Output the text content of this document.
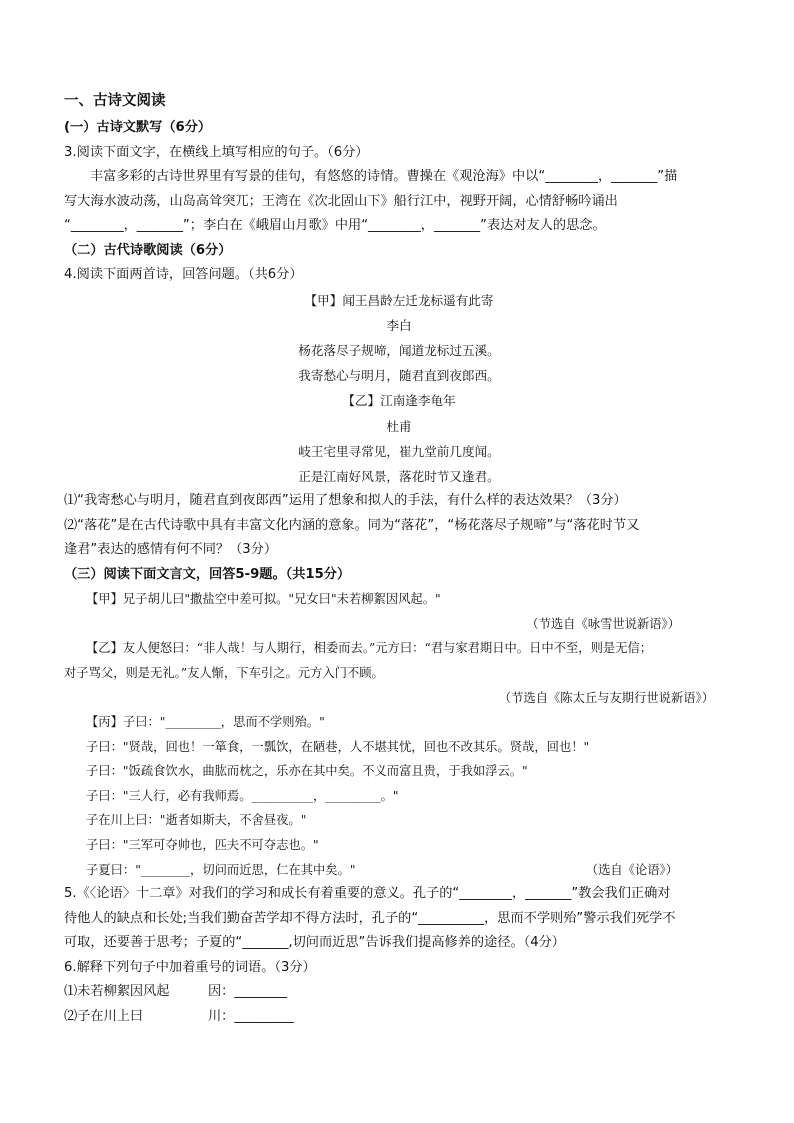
一、古诗文阅读

(一）古诗文默写（6分）

3.阅读下面文字，在横线上填写相应的句子。（6分）

丰富多彩的古诗世界里有写景的佳句，有悠悠的诗情。曹操在《观沧海》中以“________，_______”描

写大海水波动荡，山岛高耸突兀；王湾在《次北固山下》船行江中，视野开阔，心情舒畅吟诵出

“________，_______”；李白在《峨眉山月歌》中用“________，_______”表达对友人的思念。

（二）古代诗歌阅读（6分）

4.阅读下面两首诗，回答问题。（共6分）

【甲】闻王昌龄左迁龙标遥有此寄
李白
杨花落尽子规啼，闻道龙标过五溪。
我寄愁心与明月，随君直到夜郎西。
【乙】江南逢李龟年
杜甫
岐王宅里寻常见，崔九堂前几度闻。
正是江南好风景，落花时节又逢君。

⑴“我寄愁心与明月，随君直到夜郎西”运用了想象和拟人的手法，有什么样的表达效果？（3分）

⑵“落花”是在古代诗歌中具有丰富文化内涵的意象。同为“落花”，“杨花落尽子规啼”与“落花时节又

逢君”表达的感情有何不同？（3分）

（三）阅读下面文言文，回答5-9题。（共15分）

【甲】兄子胡儿曰"撒盐空中差可拟。"兄女曰"未若柳絮因风起。"
（节选自《咏雪世说新语》）
【乙】友人便怒曰：“非人哉！与人期行，相委而去。”元方曰：“君与家君期日中。日中不至，则是无信；
对子骂父，则是无礼。”友人惭，下车引之。元方入门不顾。
（节选自《陈太丘与友期行世说新语》）
【丙】子曰："_________，思而不学则殆。"
子曰："贤哉，回也！一箪食，一瓢饮，在陋巷，人不堪其忧，回也不改其乐。贤哉，回也！"
子曰："饭疏食饮水，曲肱而枕之，乐亦在其中矣。不义而富且贵，于我如浮云。"
子曰："三人行，必有我师焉。__________，_________。"
子在川上曰："逝者如斯夫，不舍昼夜。"
子曰："三军可夺帅也，匹夫不可夺志也。"
子夏曰："________，切问而近思，仁在其中矣。"	（选自《论语》）

5.《〈论语〉十二章》对我们的学习和成长有着重要的意义。孔子的“________，_______”教会我们正确对

待他人的缺点和长处;当我们勤奋苦学却不得方法时，孔子的“__________，思而不学则殆”警示我们死学不

可取，还要善于思考；子夏的“_______,切问而近思”告诉我们提高修养的途径。（4分）

6.解释下列句子中加着重号的词语。（3分）

⑴未若柳絮因风起	因：________
⑵子在川上曰	川：_________
